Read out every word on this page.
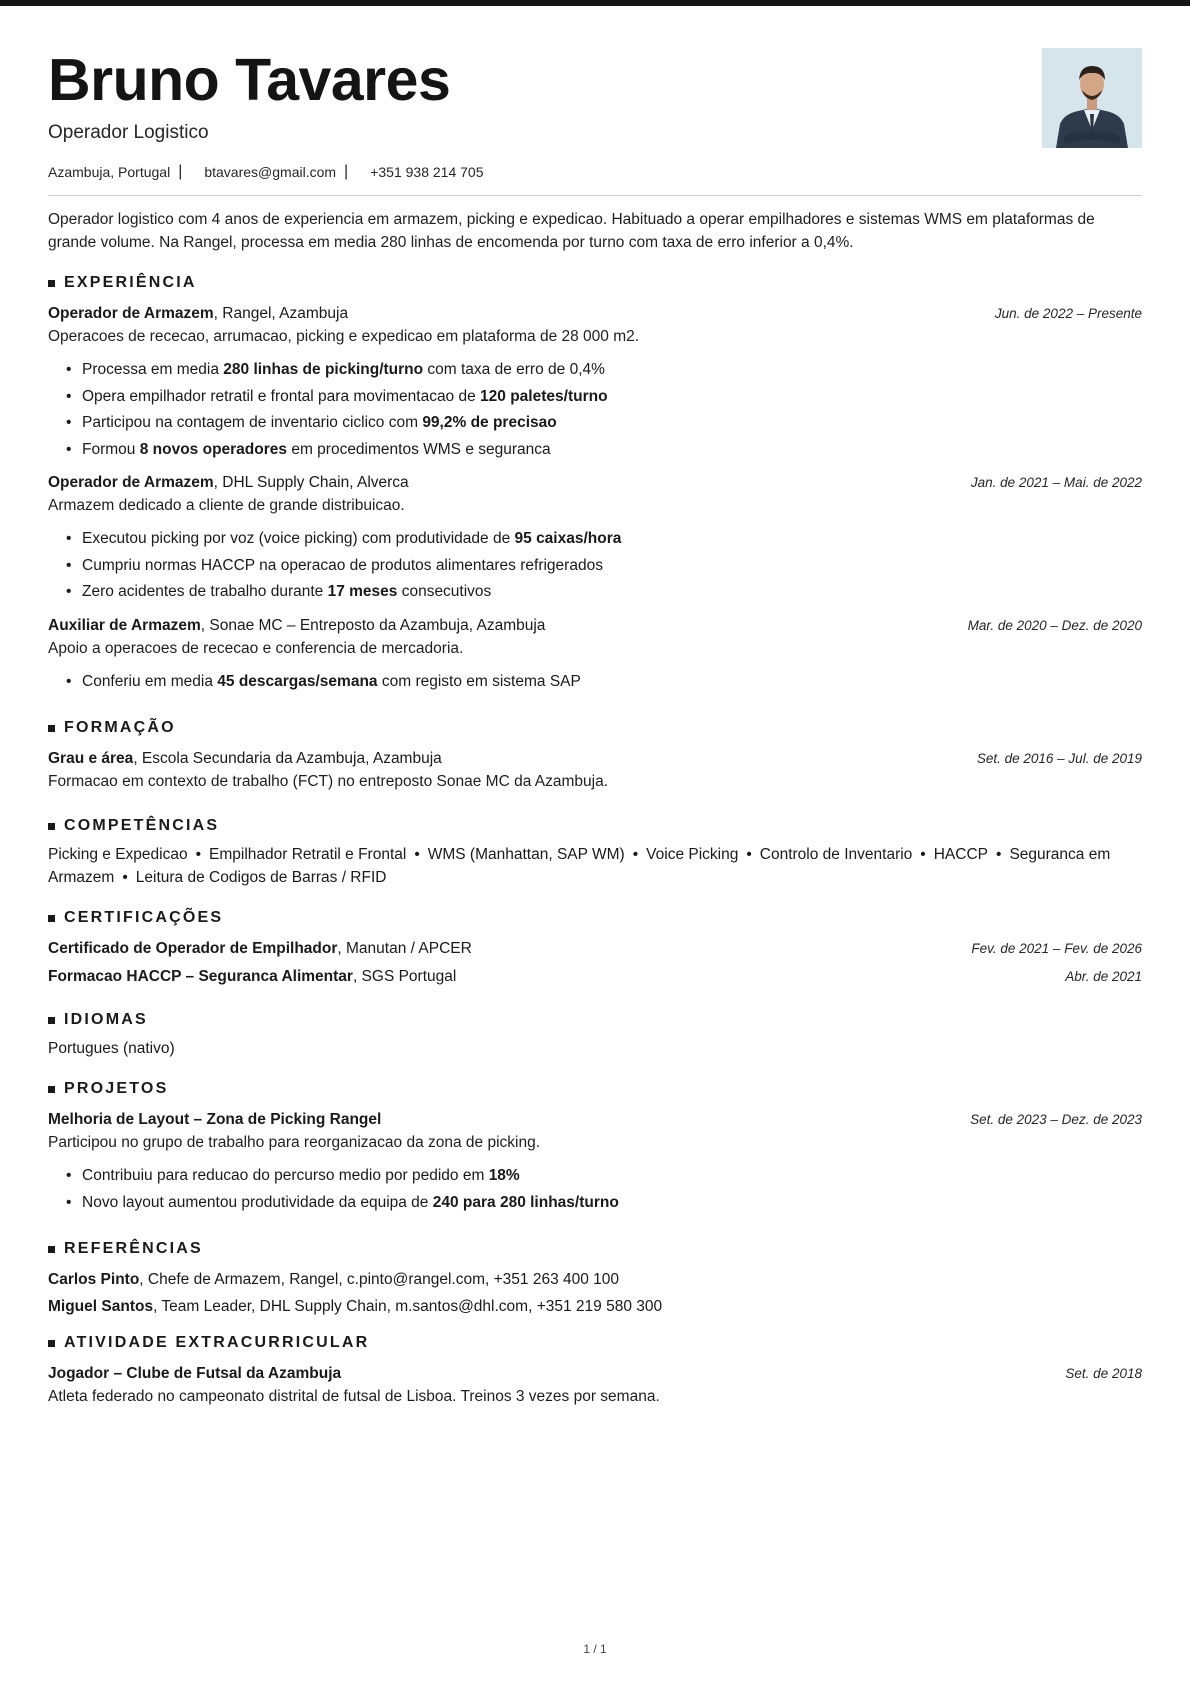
Bruno Tavares
Operador Logistico
Azambuja, Portugal | btavares@gmail.com | +351 938 214 705
Operador logistico com 4 anos de experiencia em armazem, picking e expedicao. Habituado a operar empilhadores e sistemas WMS em plataformas de grande volume. Na Rangel, processa em media 280 linhas de encomenda por turno com taxa de erro inferior a 0,4%.
EXPERIÊNCIA
Operador de Armazem, Rangel, Azambuja	Jun. de 2022 – Presente
Operacoes de rececao, arrumacao, picking e expedicao em plataforma de 28 000 m2.
• Processa em media 280 linhas de picking/turno com taxa de erro de 0,4%
• Opera empilhador retratil e frontal para movimentacao de 120 paletes/turno
• Participou na contagem de inventario ciclico com 99,2% de precisao
• Formou 8 novos operadores em procedimentos WMS e seguranca
Operador de Armazem, DHL Supply Chain, Alverca	Jan. de 2021 – Mai. de 2022
Armazem dedicado a cliente de grande distribuicao.
• Executou picking por voz (voice picking) com produtividade de 95 caixas/hora
• Cumpriu normas HACCP na operacao de produtos alimentares refrigerados
• Zero acidentes de trabalho durante 17 meses consecutivos
Auxiliar de Armazem, Sonae MC – Entreposto da Azambuja, Azambuja	Mar. de 2020 – Dez. de 2020
Apoio a operacoes de rececao e conferencia de mercadoria.
• Conferiu em media 45 descargas/semana com registo em sistema SAP
FORMAÇÃO
Grau e área, Escola Secundaria da Azambuja, Azambuja	Set. de 2016 – Jul. de 2019
Formacao em contexto de trabalho (FCT) no entreposto Sonae MC da Azambuja.
COMPETÊNCIAS
Picking e Expedicao • Empilhador Retratil e Frontal • WMS (Manhattan, SAP WM) • Voice Picking • Controlo de Inventario • HACCP • Seguranca em Armazem • Leitura de Codigos de Barras / RFID
CERTIFICAÇÕES
Certificado de Operador de Empilhador, Manutan / APCER	Fev. de 2021 – Fev. de 2026
Formacao HACCP – Seguranca Alimentar, SGS Portugal	Abr. de 2021
IDIOMAS
Portugues (nativo)
PROJETOS
Melhoria de Layout – Zona de Picking Rangel	Set. de 2023 – Dez. de 2023
Participou no grupo de trabalho para reorganizacao da zona de picking.
• Contribuiu para reducao do percurso medio por pedido em 18%
• Novo layout aumentou produtividade da equipa de 240 para 280 linhas/turno
REFERÊNCIAS
Carlos Pinto, Chefe de Armazem, Rangel, c.pinto@rangel.com, +351 263 400 100
Miguel Santos, Team Leader, DHL Supply Chain, m.santos@dhl.com, +351 219 580 300
ATIVIDADE EXTRACURRICULAR
Jogador – Clube de Futsal da Azambuja	Set. de 2018
Atleta federado no campeonato distrital de futsal de Lisboa. Treinos 3 vezes por semana.
1 / 1
